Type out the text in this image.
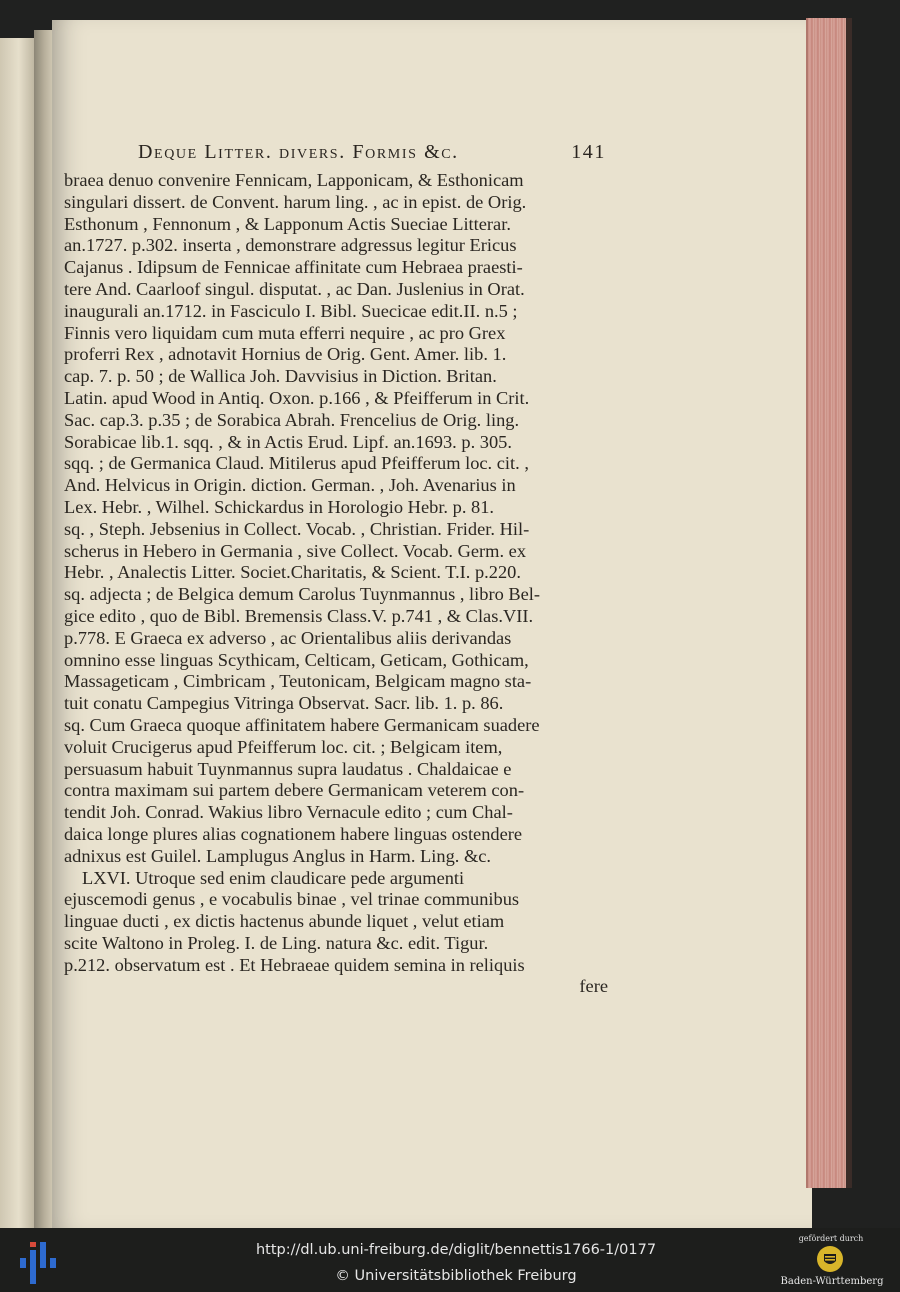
Deque Litter. divers. Formis &c.	141
braea denuo convenire Fennicam, Lapponicam, & Esthonicam
singulari dissert. de Convent. harum ling. , ac in epist. de Orig.
Esthonum , Fennonum , & Lapponum Actis Sueciae Litterar.
an.1727. p.302. inserta , demonstrare adgressus legitur Ericus
Cajanus . Idipsum de Fennicae affinitate cum Hebraea praesti-
tere And. Caarloof singul. disputat. , ac Dan. Juslenius in Orat.
inaugurali an.1712. in Fasciculo I. Bibl. Suecicae edit.II. n.5 ;
Finnis vero liquidam cum muta efferri nequire , ac pro Grex
proferri Rex , adnotavit Hornius de Orig. Gent. Amer. lib. 1.
cap. 7. p. 50 ; de Wallica Joh. Davvisius in Diction. Britan.
Latin. apud Wood in Antiq. Oxon. p.166 , & Pfeifferum in Crit.
Sac. cap.3. p.35 ; de Sorabica Abrah. Frencelius de Orig. ling.
Sorabicae lib.1. sqq. , & in Actis Erud. Lipf. an.1693. p. 305.
sqq. ; de Germanica Claud. Mitilerus apud Pfeifferum loc. cit. ,
And. Helvicus in Origin. diction. German. , Joh. Avenarius in
Lex. Hebr. , Wilhel. Schickardus in Horologio Hebr. p. 81.
sq. , Steph. Jebsenius in Collect. Vocab. , Christian. Frider. Hil-
scherus in Hebero in Germania , sive Collect. Vocab. Germ. ex
Hebr. , Analectis Litter. Societ.Charitatis, & Scient. T.I. p.220.
sq. adjecta ; de Belgica demum Carolus Tuynmannus , libro Bel-
gice edito , quo de Bibl. Bremensis Class.V. p.741 , & Clas.VII.
p.778. E Graeca ex adverso , ac Orientalibus aliis derivandas
omnino esse linguas Scythicam, Celticam, Geticam, Gothicam,
Massageticam , Cimbricam , Teutonicam, Belgicam magno sta-
tuit conatu Campegius Vitringa Observat. Sacr. lib. 1. p. 86.
sq. Cum Graeca quoque affinitatem habere Germanicam suadere
voluit Crucigerus apud Pfeifferum loc. cit. ; Belgicam item,
persuasum habuit Tuynmannus supra laudatus . Chaldaicae e
contra maximam sui partem debere Germanicam veterem con-
tendit Joh. Conrad. Wakius libro Vernacule edito ; cum Chal-
daica longe plures alias cognationem habere linguas ostendere
adnixus est Guilel. Lamplugus Anglus in Harm. Ling. &c.
LXVI. Utroque sed enim claudicare pede argumenti
ejuscemodi genus , e vocabulis binae , vel trinae communibus
linguae ducti , ex dictis hactenus abunde liquet , velut etiam
scite Waltono in Proleg. I. de Ling. natura &c. edit. Tigur.
p.212. observatum est . Et Hebraeae quidem semina in reliquis
fere
http://dl.ub.uni-freiburg.de/diglit/bennettis1766-1/0177
© Universitätsbibliothek Freiburg
gefördert durch
Baden-Württemberg
